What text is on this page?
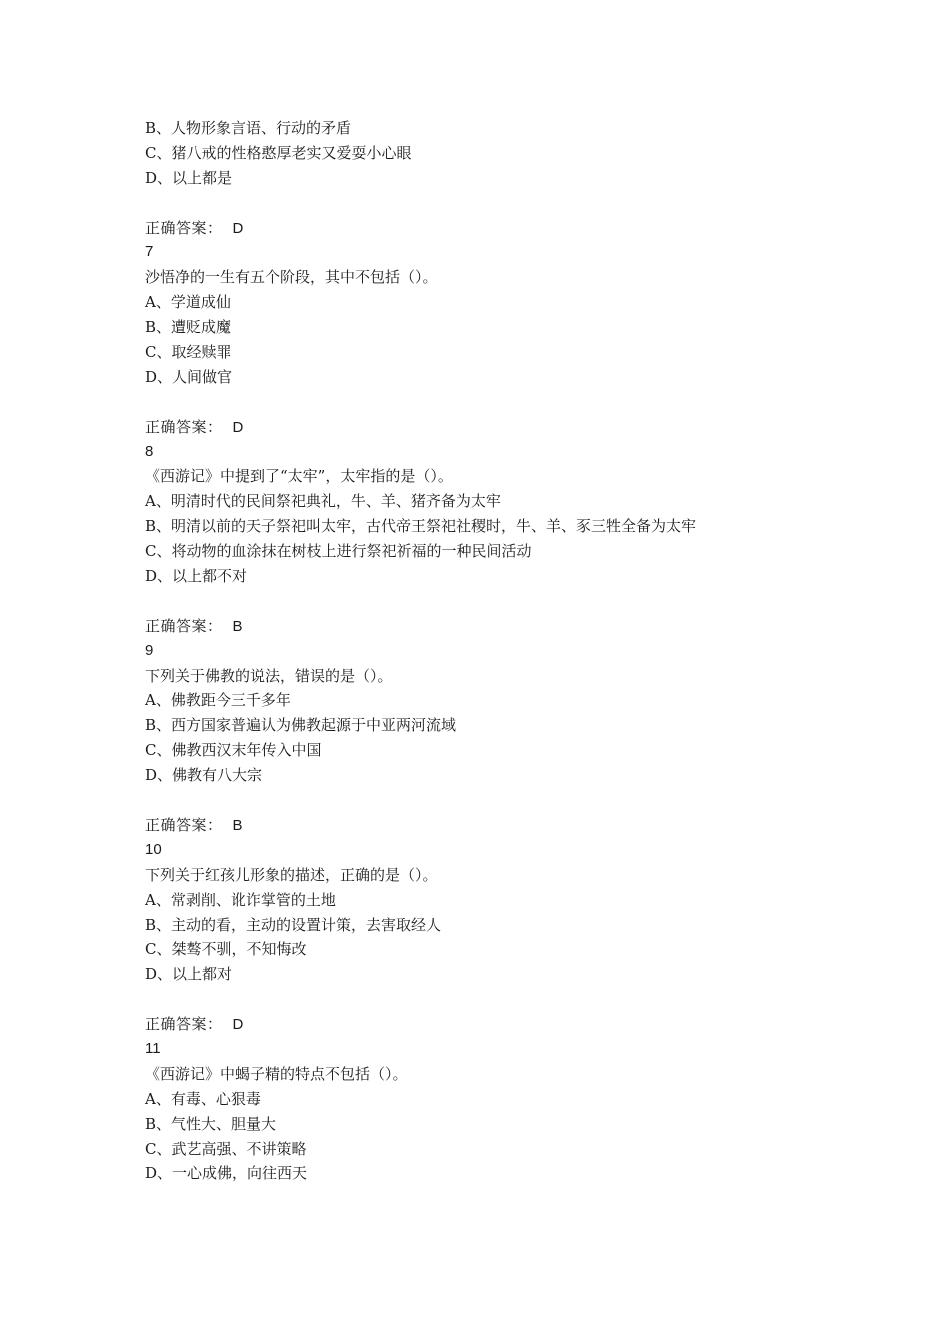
B、人物形象言语、行动的矛盾
C、猪八戒的性格憨厚老实又爱耍小心眼
D、以上都是
正确答案： D
7
沙悟净的一生有五个阶段，其中不包括（）。
A、学道成仙
B、遭贬成魔
C、取经赎罪
D、人间做官
正确答案： D
8
《西游记》中提到了“太牢”，太牢指的是（）。
A、明清时代的民间祭祀典礼，牛、羊、猪齐备为太牢
B、明清以前的天子祭祀叫太牢，古代帝王祭祀社稷时，牛、羊、豕三牲全备为太牢
C、将动物的血涂抹在树枝上进行祭祀祈福的一种民间活动
D、以上都不对
正确答案： B
9
下列关于佛教的说法，错误的是（）。
A、佛教距今三千多年
B、西方国家普遍认为佛教起源于中亚两河流域
C、佛教西汉末年传入中国
D、佛教有八大宗
正确答案： B
10
下列关于红孩儿形象的描述，正确的是（）。
A、常剥削、讹诈掌管的土地
B、主动的看，主动的设置计策，去害取经人
C、桀骜不驯，不知悔改
D、以上都对
正确答案： D
11
《西游记》中蝎子精的特点不包括（）。
A、有毒、心狠毒
B、气性大、胆量大
C、武艺高强、不讲策略
D、一心成佛，向往西天
